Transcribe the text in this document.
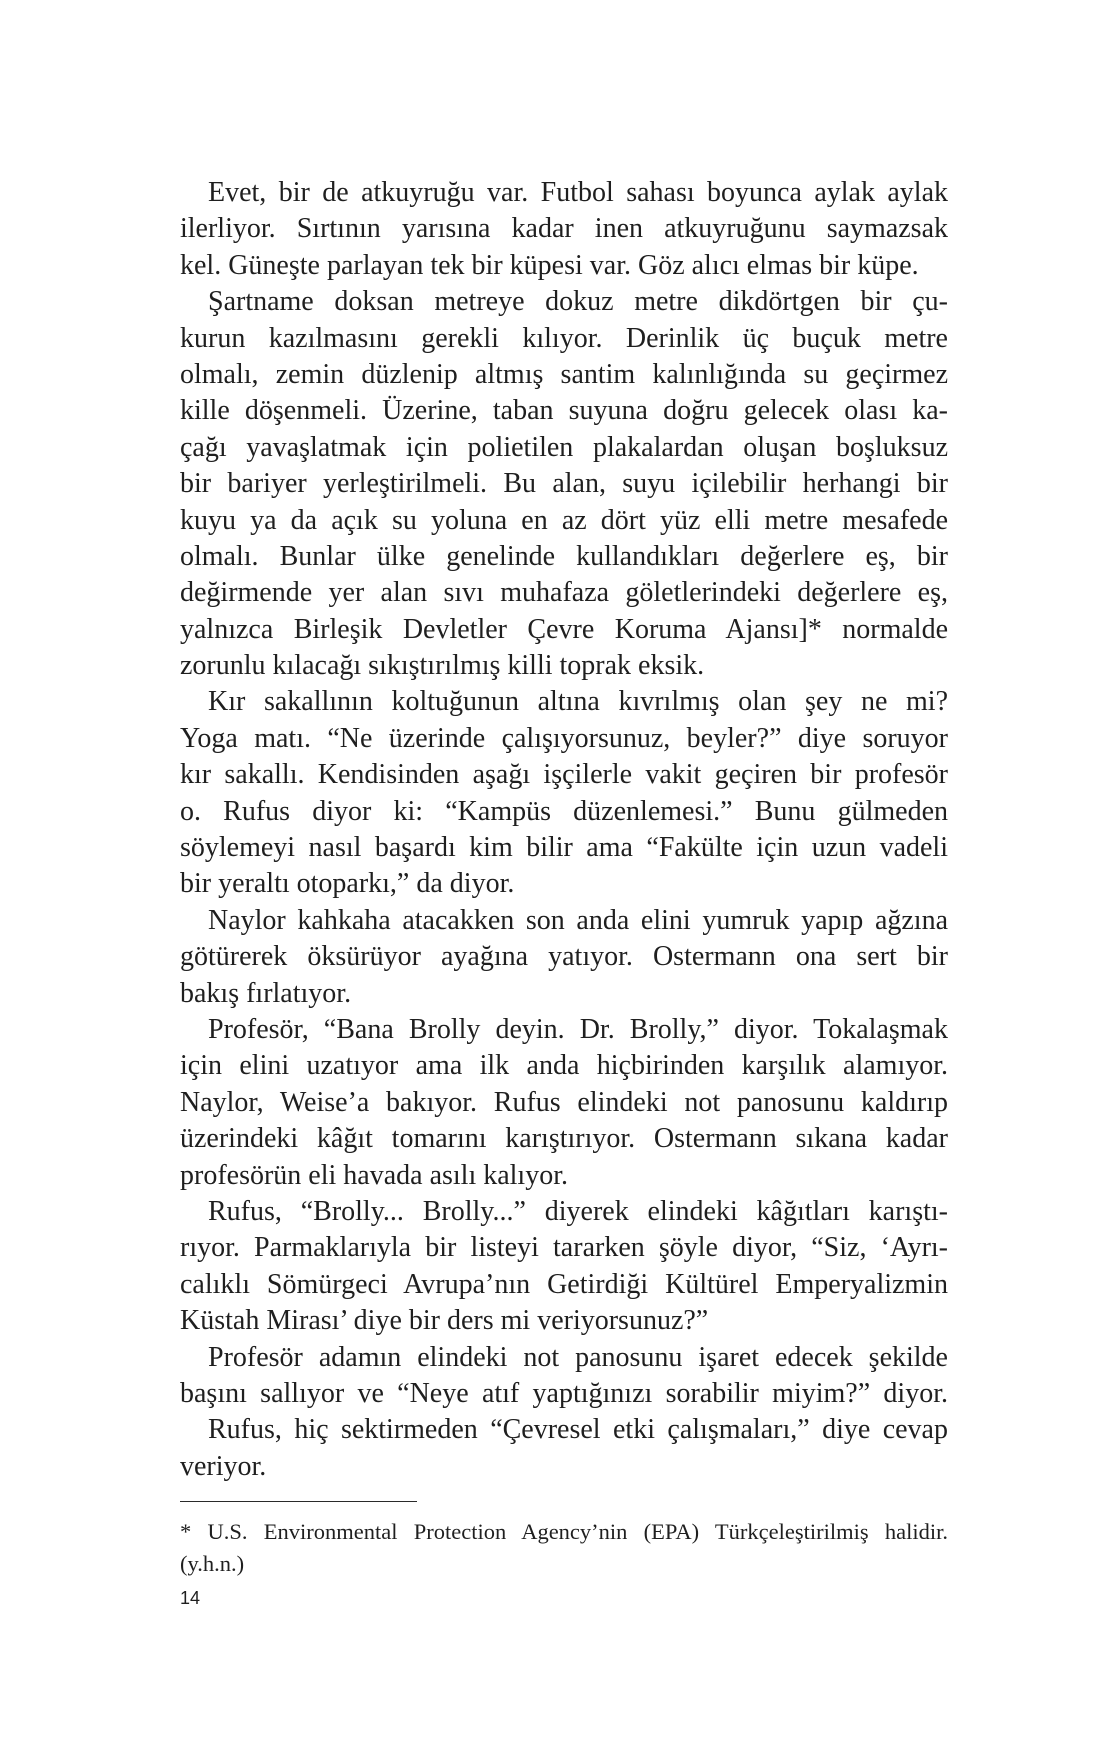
Evet, bir de atkuyruğu var. Futbol sahası boyunca aylak aylak
ilerliyor. Sırtının yarısına kadar inen atkuyruğunu saymazsak
kel. Güneşte parlayan tek bir küpesi var. Göz alıcı elmas bir küpe.
Şartname doksan metreye dokuz metre dikdörtgen bir çu-
kurun kazılmasını gerekli kılıyor. Derinlik üç buçuk metre
olmalı, zemin düzlenip altmış santim kalınlığında su geçirmez
kille döşenmeli. Üzerine, taban suyuna doğru gelecek olası ka-
çağı yavaşlatmak için polietilen plakalardan oluşan boşluksuz
bir bariyer yerleştirilmeli. Bu alan, suyu içilebilir herhangi bir
kuyu ya da açık su yoluna en az dört yüz elli metre mesafede
olmalı. Bunlar ülke genelinde kullandıkları değerlere eş, bir
değirmende yer alan sıvı muhafaza göletlerindeki değerlere eş,
yalnızca Birleşik Devletler Çevre Koruma Ajansı]* normalde
zorunlu kılacağı sıkıştırılmış killi toprak eksik.
Kır sakallının koltuğunun altına kıvrılmış olan şey ne mi?
Yoga matı. “Ne üzerinde çalışıyorsunuz, beyler?” diye soruyor
kır sakallı. Kendisinden aşağı işçilerle vakit geçiren bir profesör
o. Rufus diyor ki: “Kampüs düzenlemesi.” Bunu gülmeden
söylemeyi nasıl başardı kim bilir ama “Fakülte için uzun vadeli
bir yeraltı otoparkı,” da diyor.
Naylor kahkaha atacakken son anda elini yumruk yapıp ağzına
götürerek öksürüyor ayağına yatıyor. Ostermann ona sert bir
bakış fırlatıyor.
Profesör, “Bana Brolly deyin. Dr. Brolly,” diyor. Tokalaşmak
için elini uzatıyor ama ilk anda hiçbirinden karşılık alamıyor.
Naylor, Weise’a bakıyor. Rufus elindeki not panosunu kaldırıp
üzerindeki kâğıt tomarını karıştırıyor. Ostermann sıkana kadar
profesörün eli havada asılı kalıyor.
Rufus, “Brolly... Brolly...” diyerek elindeki kâğıtları karıştı-
rıyor. Parmaklarıyla bir listeyi tararken şöyle diyor, “Siz, ‘Ayrı-
calıklı Sömürgeci Avrupa’nın Getirdiği Kültürel Emperyalizmin
Küstah Mirası’ diye bir ders mi veriyorsunuz?”
Profesör adamın elindeki not panosunu işaret edecek şekilde
başını sallıyor ve “Neye atıf yaptığınızı sorabilir miyim?” diyor.
Rufus, hiç sektirmeden “Çevresel etki çalışmaları,” diye cevap
veriyor.
* U.S. Environmental Protection Agency’nin (EPA) Türkçeleştirilmiş halidir.
(y.h.n.)
14
